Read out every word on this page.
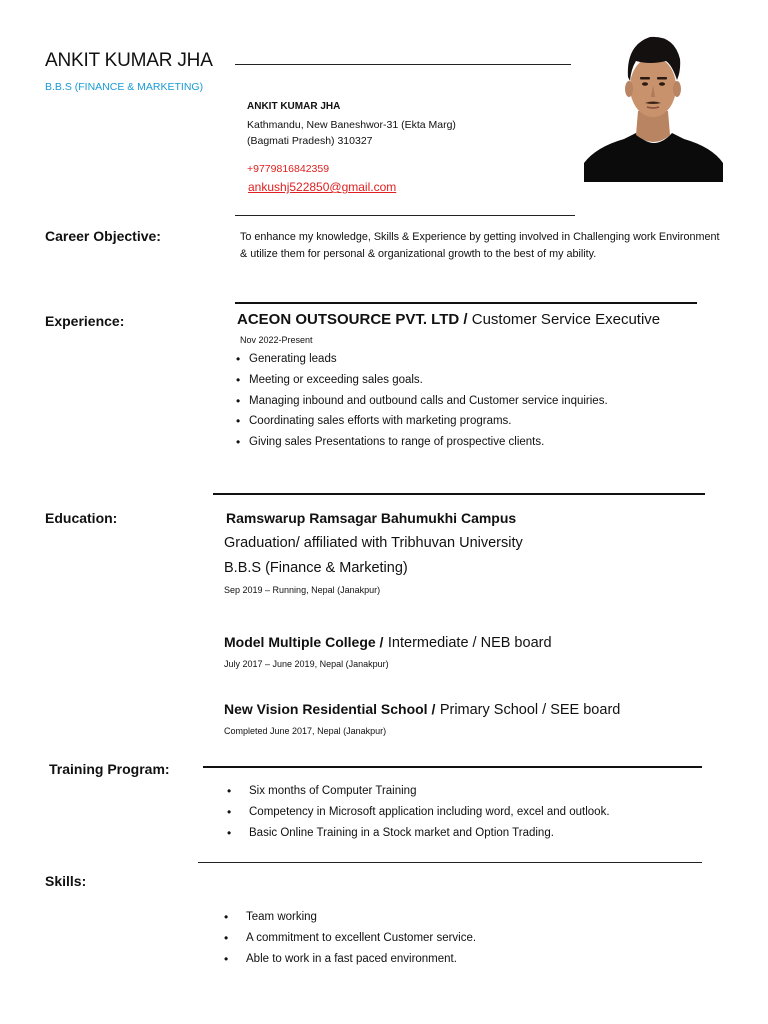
ANKIT KUMAR JHA
B.B.S (FINANCE & MARKETING)
ANKIT KUMAR JHA
Kathmandu, New Baneshwor-31 (Ekta Marg)
(Bagmati Pradesh) 310327
+9779816842359
ankushj522850@gmail.com
Career Objective:	To enhance my knowledge, Skills & Experience by getting involved in Challenging work Environment & utilize them for personal & organizational growth to the best of my ability.
Experience:	ACEON OUTSOURCE PVT. LTD / Customer Service Executive
Nov 2022-Present
• Generating leads
• Meeting or exceeding sales goals.
• Managing inbound and outbound calls and Customer service inquiries.
• Coordinating sales efforts with marketing programs.
• Giving sales Presentations to range of prospective clients.
Education:	Ramswarup Ramsagar Bahumukhi Campus
Graduation/ affiliated with Tribhuvan University
B.B.S (Finance & Marketing)
Sep 2019 – Running, Nepal (Janakpur)
Model Multiple College / Intermediate / NEB board
July 2017 – June 2019, Nepal (Janakpur)
New Vision Residential School / Primary School / SEE board
Completed June 2017, Nepal (Janakpur)
Training Program:
• Six months of Computer Training
• Competency in Microsoft application including word, excel and outlook.
• Basic Online Training in a Stock market and Option Trading.
Skills:
• Team working
• A commitment to excellent Customer service.
• Able to work in a fast paced environment.
